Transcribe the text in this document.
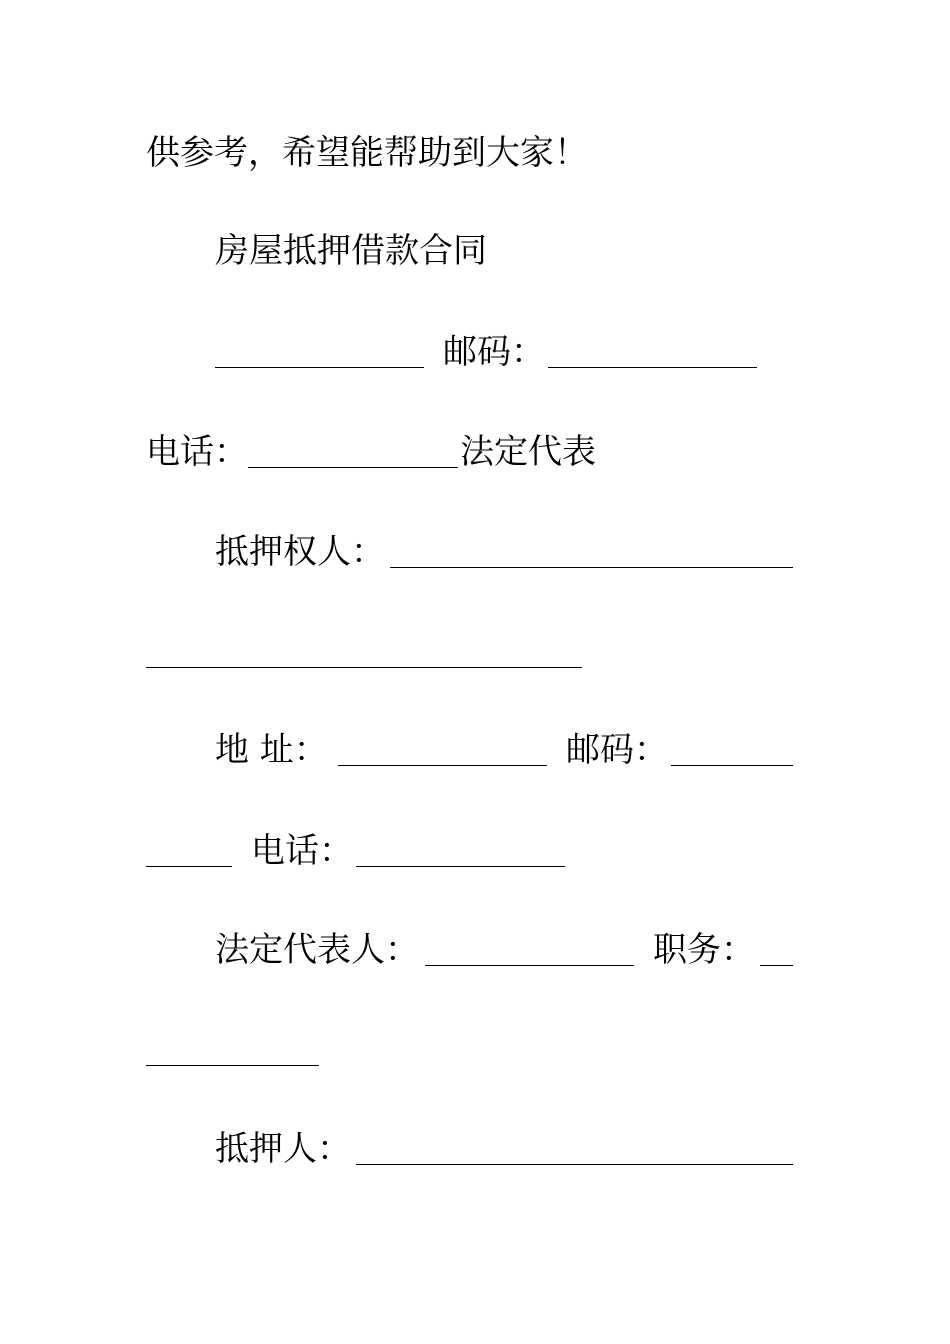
供参考，希望能帮助到大家！
房屋抵押借款合同
邮码：
电话：	法定代表
抵押权人：
地 址：	邮码：
电话：
法定代表人：	职务：
抵押人：
